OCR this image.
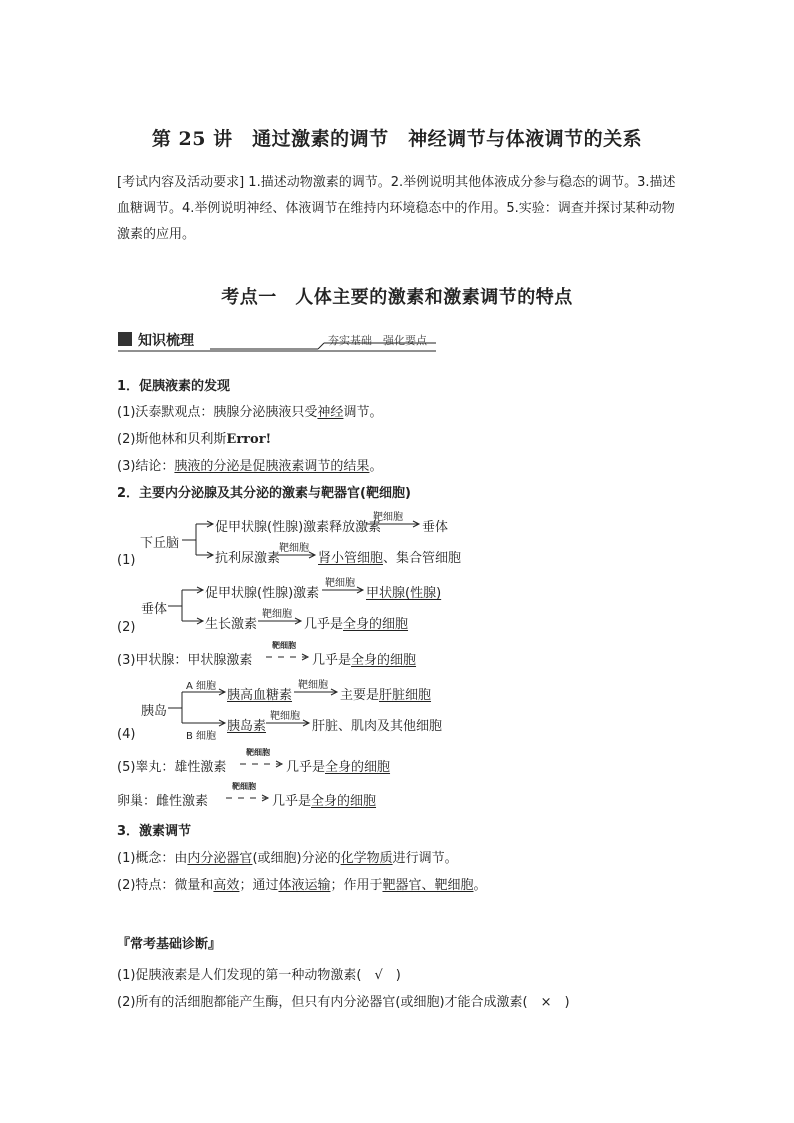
第 25 讲　通过激素的调节　神经调节与体液调节的关系
[考试内容及活动要求] 1.描述动物激素的调节。2.举例说明其他体液成分参与稳态的调节。3.描述血糖调节。4.举例说明神经、体液调节在维持内环境稳态中的作用。5.实验：调查并探讨某种动物激素的应用。
考点一　人体主要的激素和激素调节的特点
知识梳理	夯实基础　强化要点
1．促胰液素的发现
(1)沃泰默观点：胰腺分泌胰液只受神经调节。
(2)斯他林和贝利斯Error!
(3)结论：胰液的分泌是促胰液素调节的结果。
2．主要内分泌腺及其分泌的激素与靶器官(靶细胞)
下丘脑
促甲状腺(性腺)激素释放激素
靶细胞
垂体
抗利尿激素
靶细胞
肾小管细胞、集合管细胞
(1)
垂体
促甲状腺(性腺)激素
靶细胞
甲状腺(性腺)
生长激素
靶细胞
几乎是全身的细胞
(2)
(3)甲状腺：甲状腺激素
靶细胞
几乎是全身的细胞
胰岛
A 细胞
B 细胞
胰高血糖素
靶细胞
主要是肝脏细胞
胰岛素
靶细胞
肝脏、肌肉及其他细胞
(4)
(5)睾丸：雄性激素
靶细胞
几乎是全身的细胞
卵巢：雌性激素
靶细胞
几乎是全身的细胞
3．激素调节
(1)概念：由内分泌器官(或细胞)分泌的化学物质进行调节。
(2)特点：微量和高效；通过体液运输；作用于靶器官、靶细胞。
『常考基础诊断』
(1)促胰液素是人们发现的第一种动物激素(　√　)
(2)所有的活细胞都能产生酶，但只有内分泌器官(或细胞)才能合成激素(　×　)
